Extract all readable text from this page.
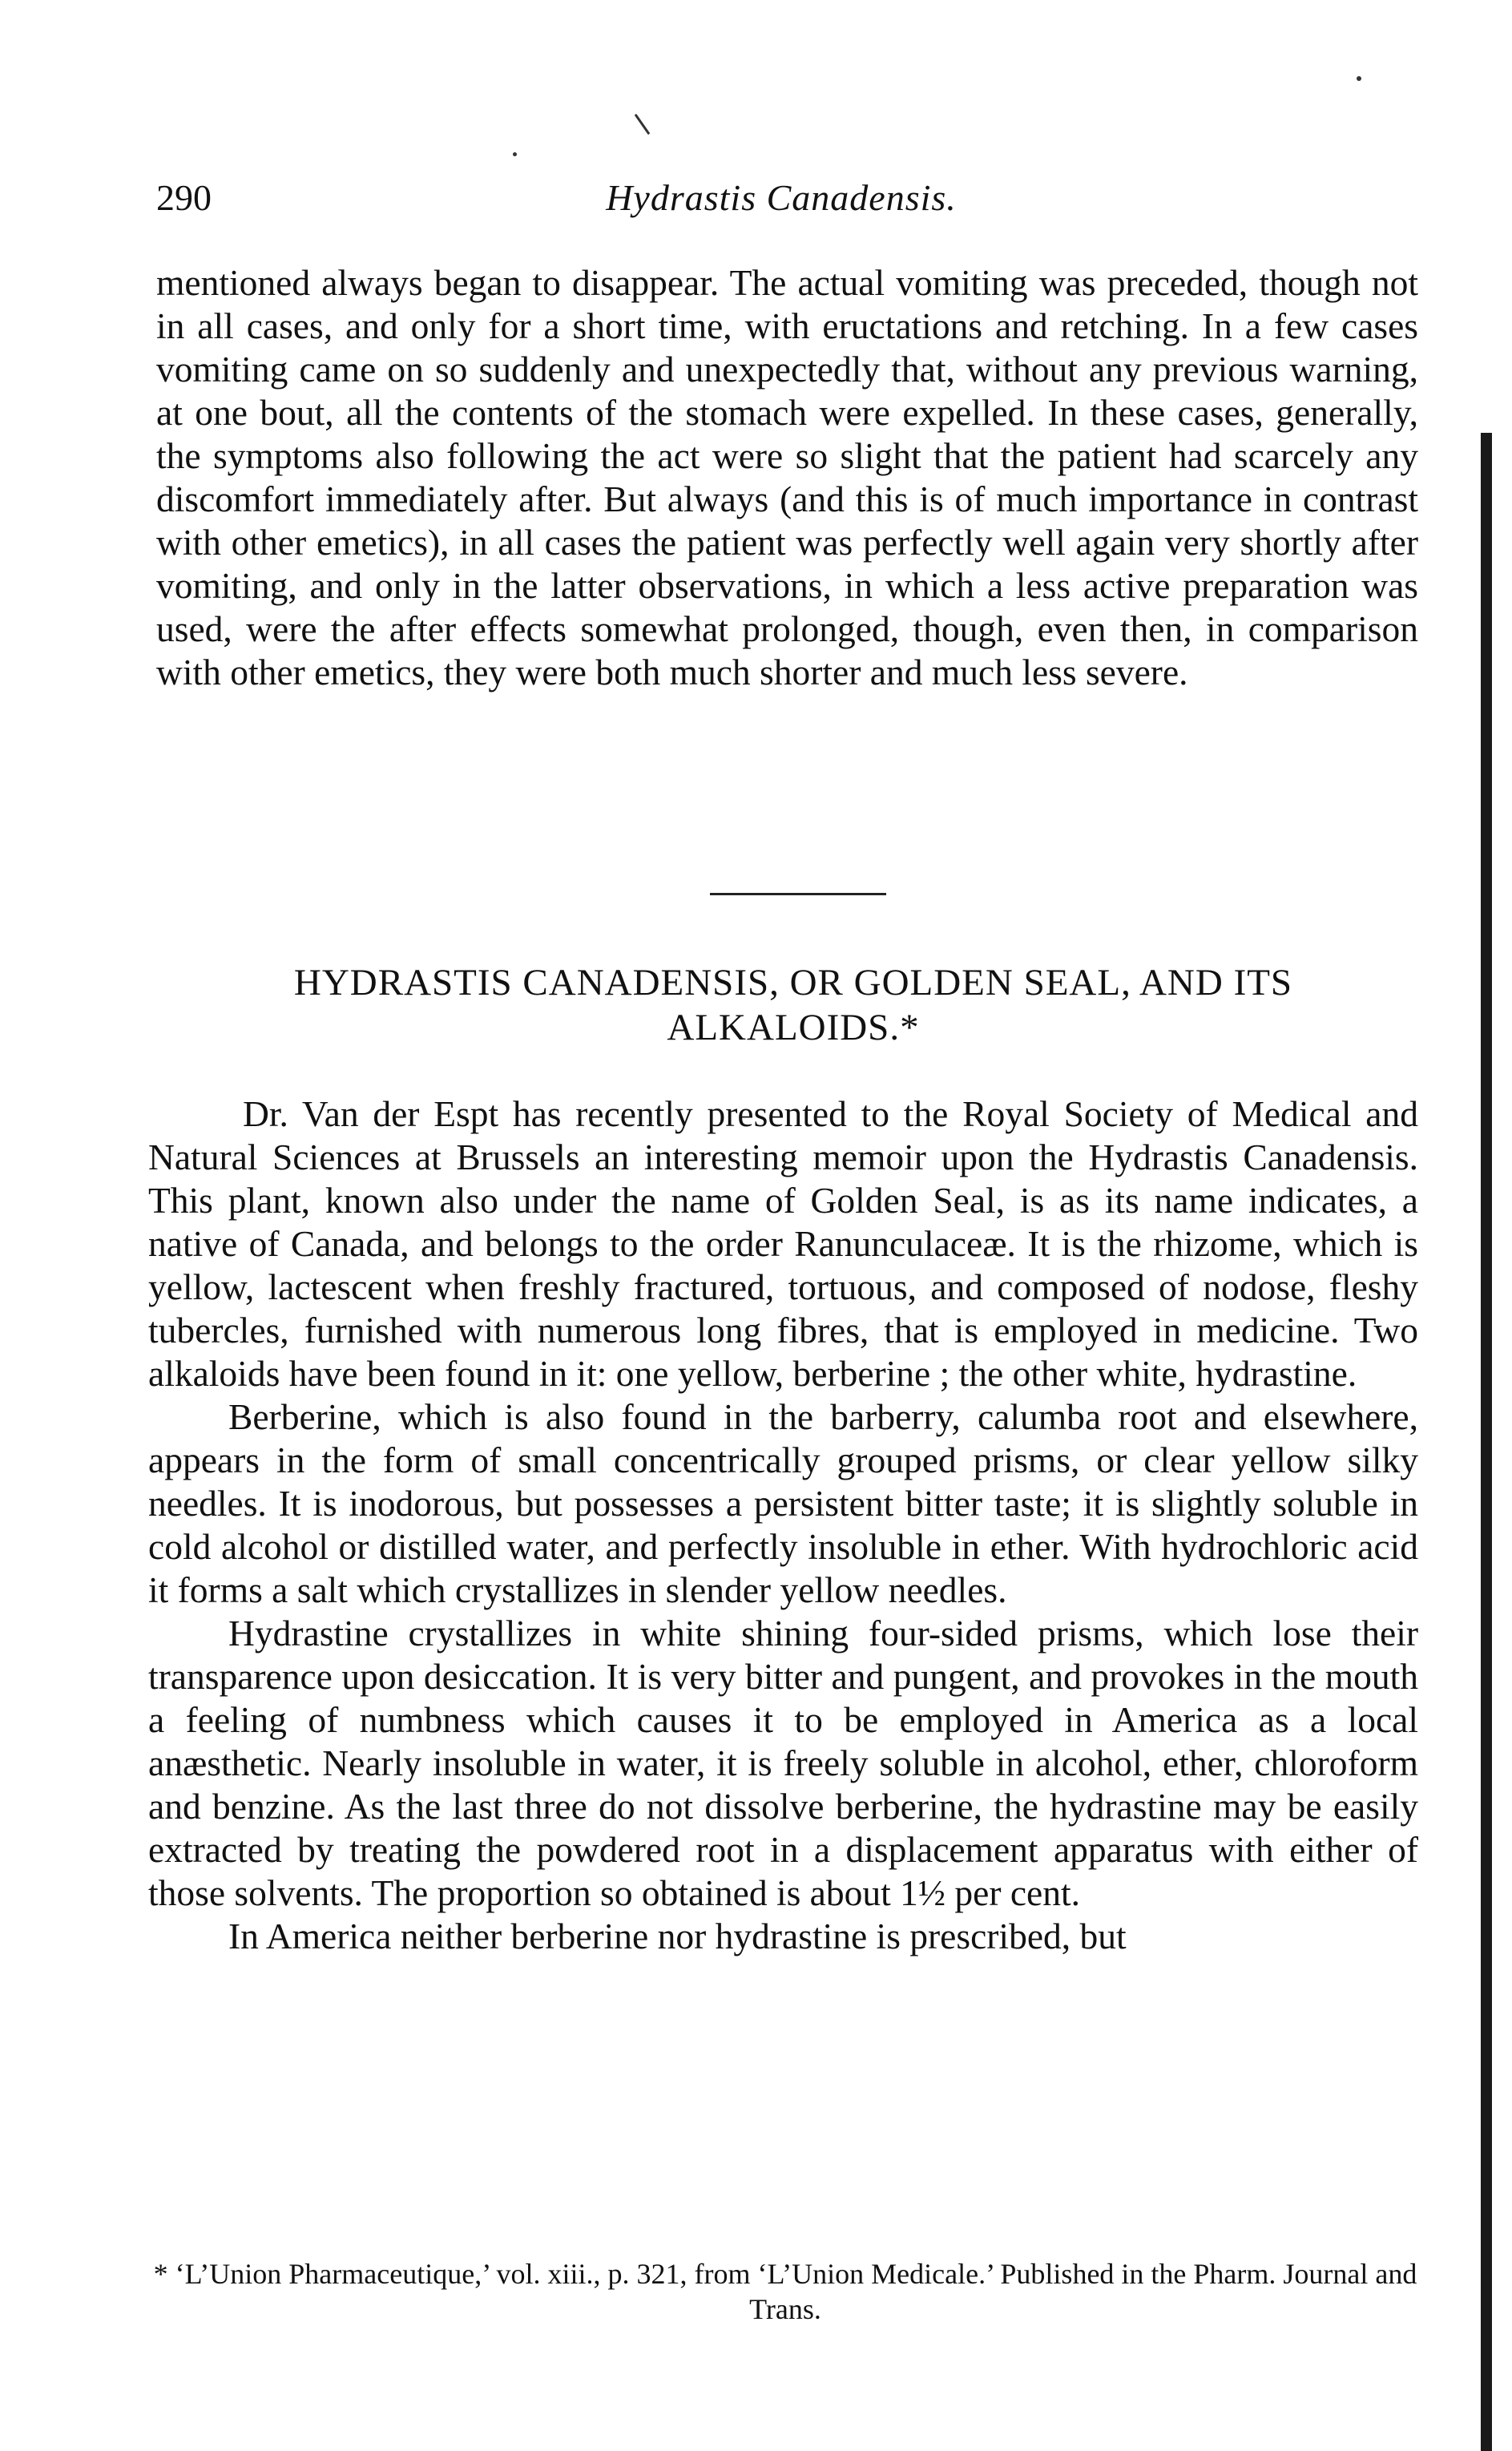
290	Hydrastis Canadensis.
mentioned always began to disappear. The actual vomiting was preceded, though not in all cases, and only for a short time, with eructations and retching. In a few cases vomiting came on so suddenly and unexpectedly that, without any previous warning, at one bout, all the contents of the stomach were expelled. In these cases, generally, the symptoms also following the act were so slight that the patient had scarcely any discomfort immediately after. But always (and this is of much importance in contrast with other emetics), in all cases the patient was perfectly well again very shortly after vomiting, and only in the latter observations, in which a less active preparation was used, were the after effects somewhat prolonged, though, even then, in comparison with other emetics, they were both much shorter and much less severe.
HYDRASTIS CANADENSIS, OR GOLDEN SEAL, AND ITS
ALKALOIDS.*

Dr. Van der Espt has recently presented to the Royal Society of Medical and Natural Sciences at Brussels an interesting memoir upon the Hydrastis Canadensis. This plant, known also under the name of Golden Seal, is as its name indicates, a native of Canada, and belongs to the order Ranunculaceæ. It is the rhizome, which is yellow, lactescent when freshly fractured, tortuous, and composed of nodose, fleshy tubercles, furnished with numerous long fibres, that is employed in medicine. Two alkaloids have been found in it: one yellow, berberine ; the other white, hydrastine.

Berberine, which is also found in the barberry, calumba root and elsewhere, appears in the form of small concentrically grouped prisms, or clear yellow silky needles. It is inodorous, but possesses a persistent bitter taste; it is slightly soluble in cold alcohol or distilled water, and perfectly insoluble in ether. With hydrochloric acid it forms a salt which crystallizes in slender yellow needles.

Hydrastine crystallizes in white shining four-sided prisms, which lose their transparence upon desiccation. It is very bitter and pungent, and provokes in the mouth a feeling of numbness which causes it to be employed in America as a local anæsthetic. Nearly insoluble in water, it is freely soluble in alcohol, ether, chloroform and benzine. As the last three do not dissolve berberine, the hydrastine may be easily extracted by treating the powdered root in a displacement apparatus with either of those solvents. The proportion so obtained is about 1½ per cent.

In America neither berberine nor hydrastine is prescribed, but

* ‘L’Union Pharmaceutique,’ vol. xiii., p. 321, from ‘L’Union Medicale.’ Published in the Pharm. Journal and Trans.
